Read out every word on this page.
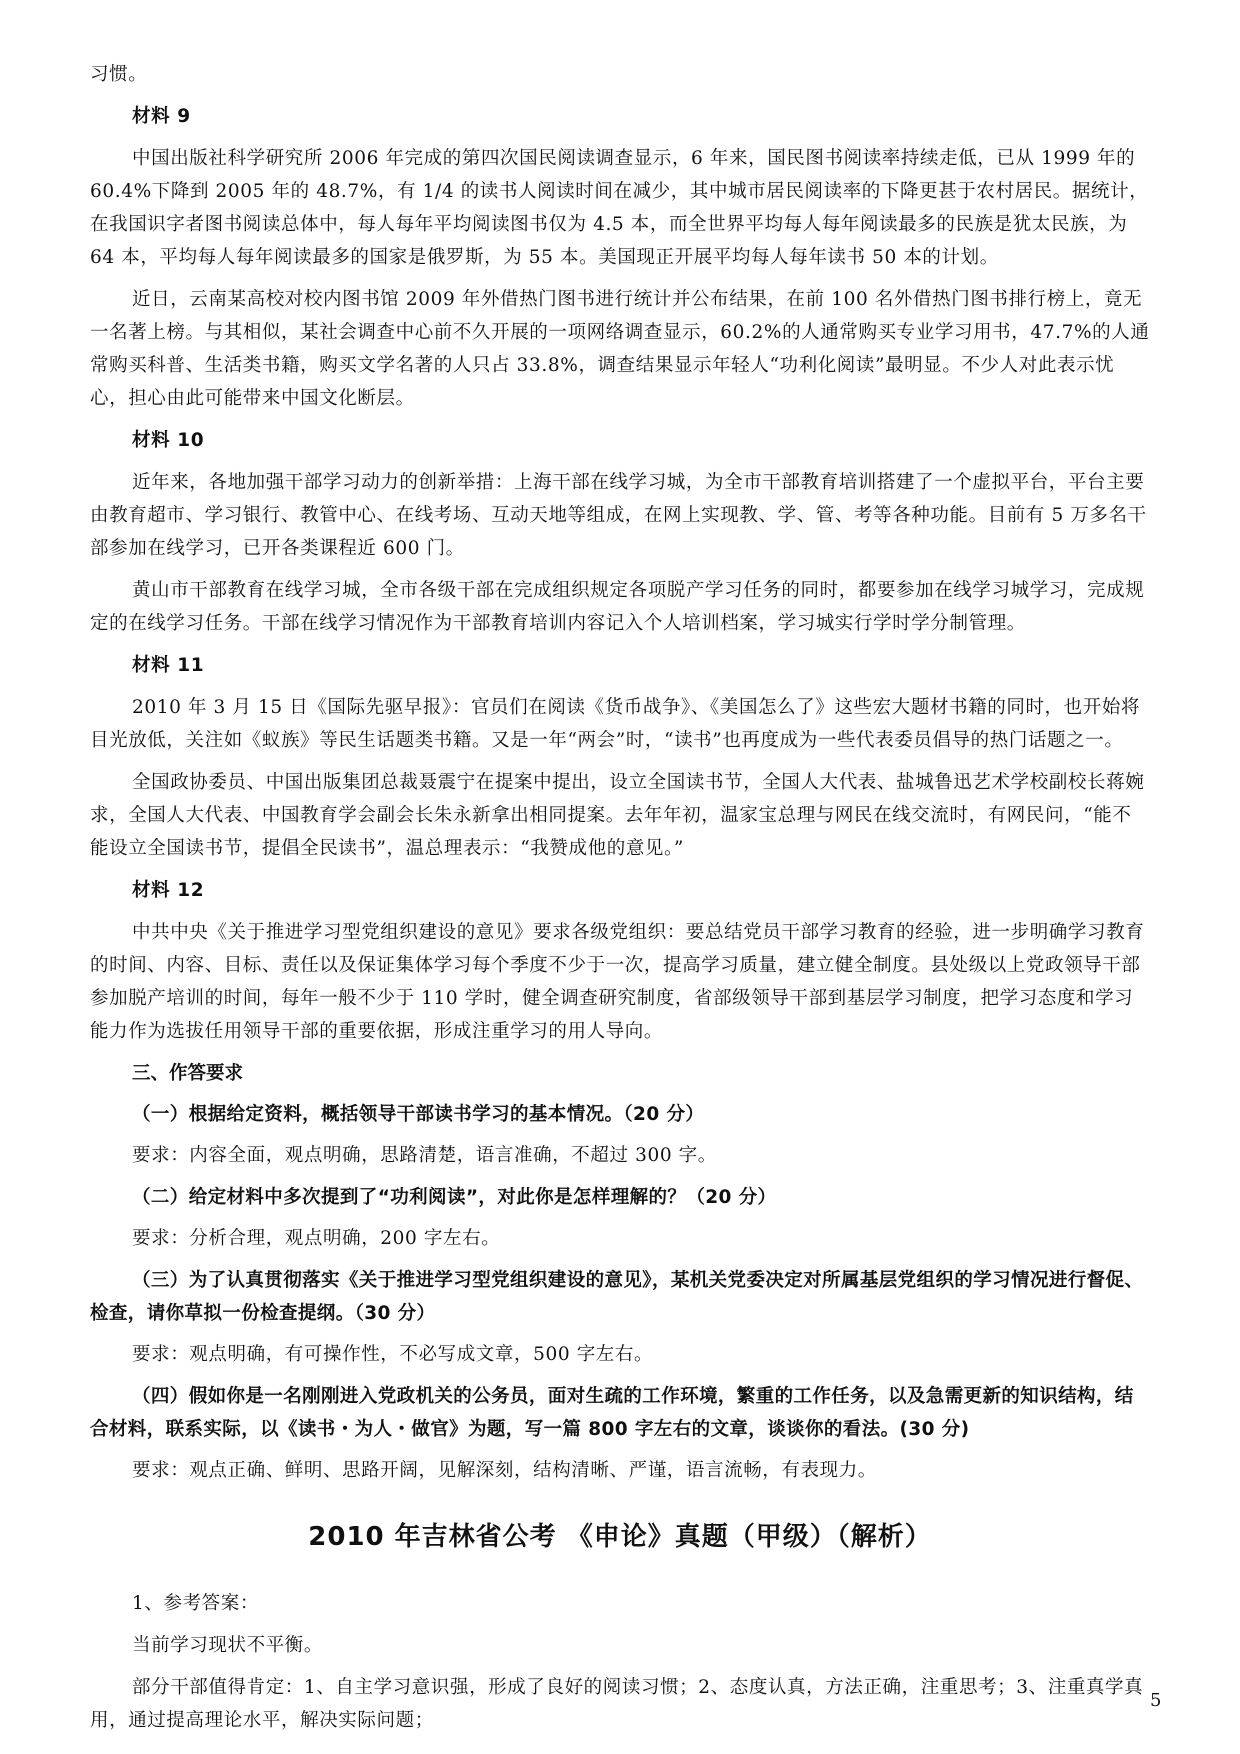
习惯。

材料 9

中国出版社科学研究所 2006 年完成的第四次国民阅读调查显示，6 年来，国民图书阅读率持续走低，已从 1999 年的 60.4%下降到 2005 年的 48.7%，有 1/4 的读书人阅读时间在减少，其中城市居民阅读率的下降更甚于农村居民。据统计，在我国识字者图书阅读总体中，每人每年平均阅读图书仅为 4.5 本，而全世界平均每人每年阅读最多的民族是犹太民族，为 64 本，平均每人每年阅读最多的国家是俄罗斯，为 55 本。美国现正开展平均每人每年读书 50 本的计划。

近日，云南某高校对校内图书馆 2009 年外借热门图书进行统计并公布结果，在前 100 名外借热门图书排行榜上，竟无一名著上榜。与其相似，某社会调查中心前不久开展的一项网络调查显示，60.2%的人通常购买专业学习用书，47.7%的人通常购买科普、生活类书籍，购买文学名著的人只占 33.8%，调查结果显示年轻人“功利化阅读”最明显。不少人对此表示忧心，担心由此可能带来中国文化断层。

材料 10

近年来，各地加强干部学习动力的创新举措：上海干部在线学习城，为全市干部教育培训搭建了一个虚拟平台，平台主要由教育超市、学习银行、教管中心、在线考场、互动天地等组成，在网上实现教、学、管、考等各种功能。目前有 5 万多名干部参加在线学习，已开各类课程近 600 门。

黄山市干部教育在线学习城，全市各级干部在完成组织规定各项脱产学习任务的同时，都要参加在线学习城学习，完成规定的在线学习任务。干部在线学习情况作为干部教育培训内容记入个人培训档案，学习城实行学时学分制管理。

材料 11

2010 年 3 月 15 日《国际先驱早报》：官员们在阅读《货币战争》、《美国怎么了》这些宏大题材书籍的同时，也开始将目光放低，关注如《蚁族》等民生话题类书籍。又是一年“两会”时，“读书”也再度成为一些代表委员倡导的热门话题之一。

全国政协委员、中国出版集团总裁聂震宁在提案中提出，设立全国读书节，全国人大代表、盐城鲁迅艺术学校副校长蒋婉求，全国人大代表、中国教育学会副会长朱永新拿出相同提案。去年年初，温家宝总理与网民在线交流时，有网民问，“能不能设立全国读书节，提倡全民读书”，温总理表示：“我赞成他的意见。”

材料 12

中共中央《关于推进学习型党组织建设的意见》要求各级党组织：要总结党员干部学习教育的经验，进一步明确学习教育的时间、内容、目标、责任以及保证集体学习每个季度不少于一次，提高学习质量，建立健全制度。县处级以上党政领导干部参加脱产培训的时间，每年一般不少于 110 学时，健全调查研究制度，省部级领导干部到基层学习制度，把学习态度和学习能力作为选拔任用领导干部的重要依据，形成注重学习的用人导向。

三、作答要求
（一）根据给定资料，概括领导干部读书学习的基本情况。（20 分）

要求：内容全面，观点明确，思路清楚，语言准确，不超过 300 字。

（二）给定材料中多次提到了“功利阅读”，对此你是怎样理解的？（20 分）

要求：分析合理，观点明确，200 字左右。

（三）为了认真贯彻落实《关于推进学习型党组织建设的意见》，某机关党委决定对所属基层党组织的学习情况进行督促、检查，请你草拟一份检查提纲。（30 分）

要求：观点明确，有可操作性，不必写成文章，500 字左右。

（四）假如你是一名刚刚进入党政机关的公务员，面对生疏的工作环境，繁重的工作任务，以及急需更新的知识结构，结合材料，联系实际，以《读书・为人・做官》为题，写一篇 800 字左右的文章，谈谈你的看法。(30 分)

要求：观点正确、鲜明、思路开阔，见解深刻，结构清晰、严谨，语言流畅，有表现力。

2010 年吉林省公考 《申论》真题（甲级）（解析）

1、参考答案：

当前学习现状不平衡。

部分干部值得肯定：1、自主学习意识强，形成了良好的阅读习惯；2、态度认真，方法正确，注重思考；3、注重真学真用，通过提高理论水平，解决实际问题；

5
